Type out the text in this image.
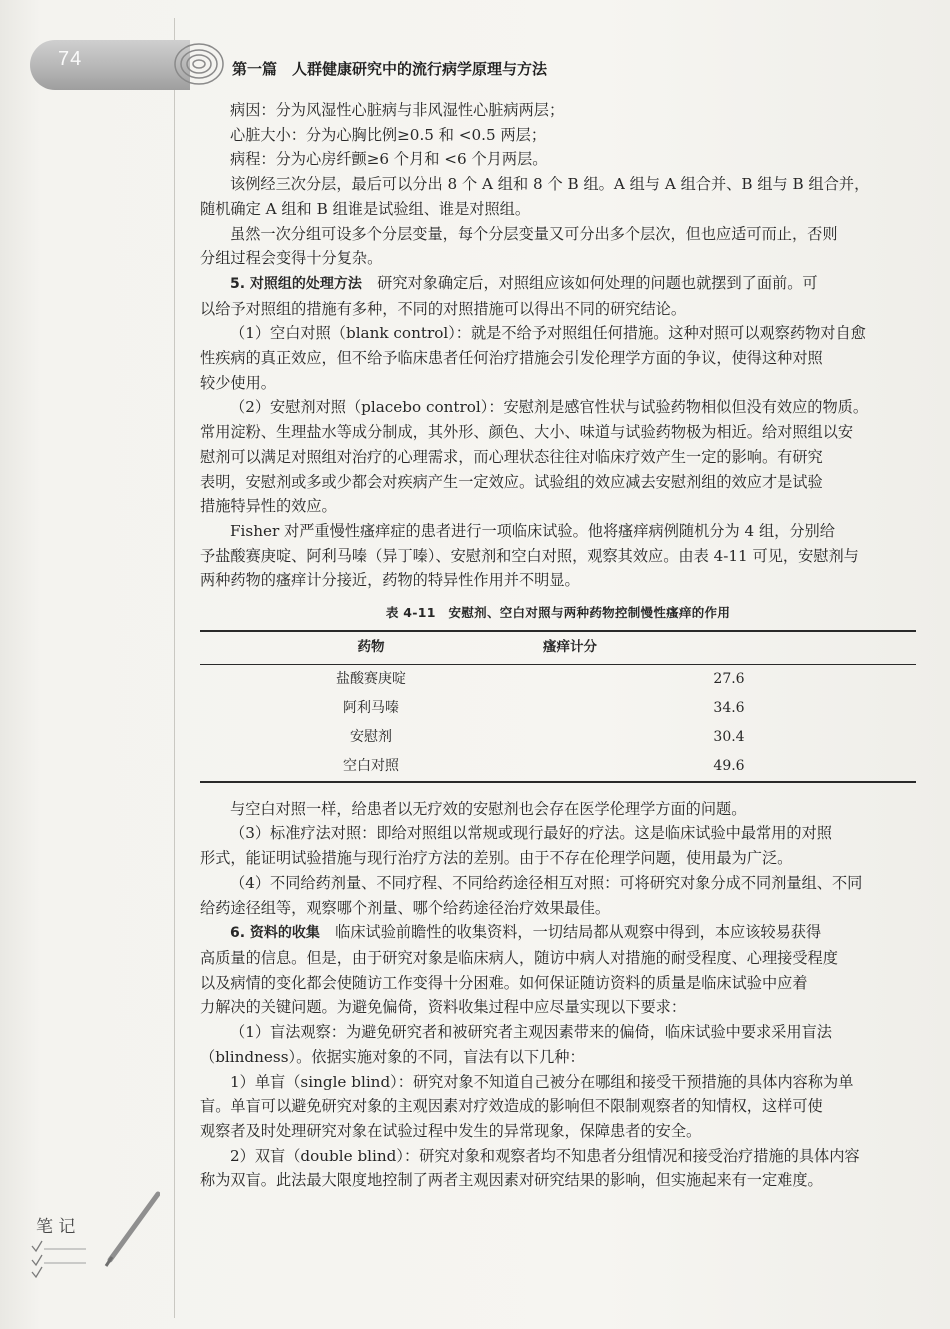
74	第一篇　人群健康研究中的流行病学原理与方法

病因：分为风湿性心脏病与非风湿性心脏病两层；

心脏大小：分为心胸比例≥0.5 和 <0.5 两层；

病程：分为心房纤颤≥6 个月和 <6 个月两层。

该例经三次分层，最后可以分出 8 个 A 组和 8 个 B 组。A 组与 A 组合并、B 组与 B 组合并，

随机确定 A 组和 B 组谁是试验组、谁是对照组。

虽然一次分组可设多个分层变量，每个分层变量又可分出多个层次，但也应适可而止，否则

分组过程会变得十分复杂。

5. 对照组的处理方法　 研究对象确定后，对照组应该如何处理的问题也就摆到了面前。可

以给予对照组的措施有多种，不同的对照措施可以得出不同的研究结论。

（1）空白对照（blank control）：就是不给予对照组任何措施。这种对照可以观察药物对自愈

性疾病的真正效应，但不给予临床患者任何治疗措施会引发伦理学方面的争议，使得这种对照

较少使用。

（2）安慰剂对照（placebo control）：安慰剂是感官性状与试验药物相似但没有效应的物质。

常用淀粉、生理盐水等成分制成，其外形、颜色、大小、味道与试验药物极为相近。给对照组以安

慰剂可以满足对照组对治疗的心理需求，而心理状态往往对临床疗效产生一定的影响。有研究

表明，安慰剂或多或少都会对疾病产生一定效应。试验组的效应减去安慰剂组的效应才是试验

措施特异性的效应。

Fisher 对严重慢性瘙痒症的患者进行一项临床试验。他将瘙痒病例随机分为 4 组，分别给

予盐酸赛庚啶、阿利马嗪（异丁嗪）、安慰剂和空白对照，观察其效应。由表 4-11 可见，安慰剂与

两种药物的瘙痒计分接近，药物的特异性作用并不明显。

表 4-11　安慰剂、空白对照与两种药物控制慢性瘙痒的作用
药物	瘙痒计分
盐酸赛庚啶	27.6
阿利马嗪	34.6
安慰剂	30.4
空白对照	49.6

与空白对照一样，给患者以无疗效的安慰剂也会存在医学伦理学方面的问题。

（3）标准疗法对照：即给对照组以常规或现行最好的疗法。这是临床试验中最常用的对照

形式，能证明试验措施与现行治疗方法的差别。由于不存在伦理学问题，使用最为广泛。

（4）不同给药剂量、不同疗程、不同给药途径相互对照：可将研究对象分成不同剂量组、不同

给药途径组等，观察哪个剂量、哪个给药途径治疗效果最佳。

6. 资料的收集　 临床试验前瞻性的收集资料，一切结局都从观察中得到，本应该较易获得

高质量的信息。但是，由于研究对象是临床病人，随访中病人对措施的耐受程度、心理接受程度

以及病情的变化都会使随访工作变得十分困难。如何保证随访资料的质量是临床试验中应着

力解决的关键问题。为避免偏倚，资料收集过程中应尽量实现以下要求：

（1）盲法观察：为避免研究者和被研究者主观因素带来的偏倚，临床试验中要求采用盲法

（blindness）。依据实施对象的不同，盲法有以下几种：

1）单盲（single blind）：研究对象不知道自己被分在哪组和接受干预措施的具体内容称为单

盲。单盲可以避免研究对象的主观因素对疗效造成的影响但不限制观察者的知情权，这样可使

观察者及时处理研究对象在试验过程中发生的异常现象，保障患者的安全。

2）双盲（double blind）：研究对象和观察者均不知患者分组情况和接受治疗措施的具体内容

称为双盲。此法最大限度地控制了两者主观因素对研究结果的影响，但实施起来有一定难度。

笔 记
